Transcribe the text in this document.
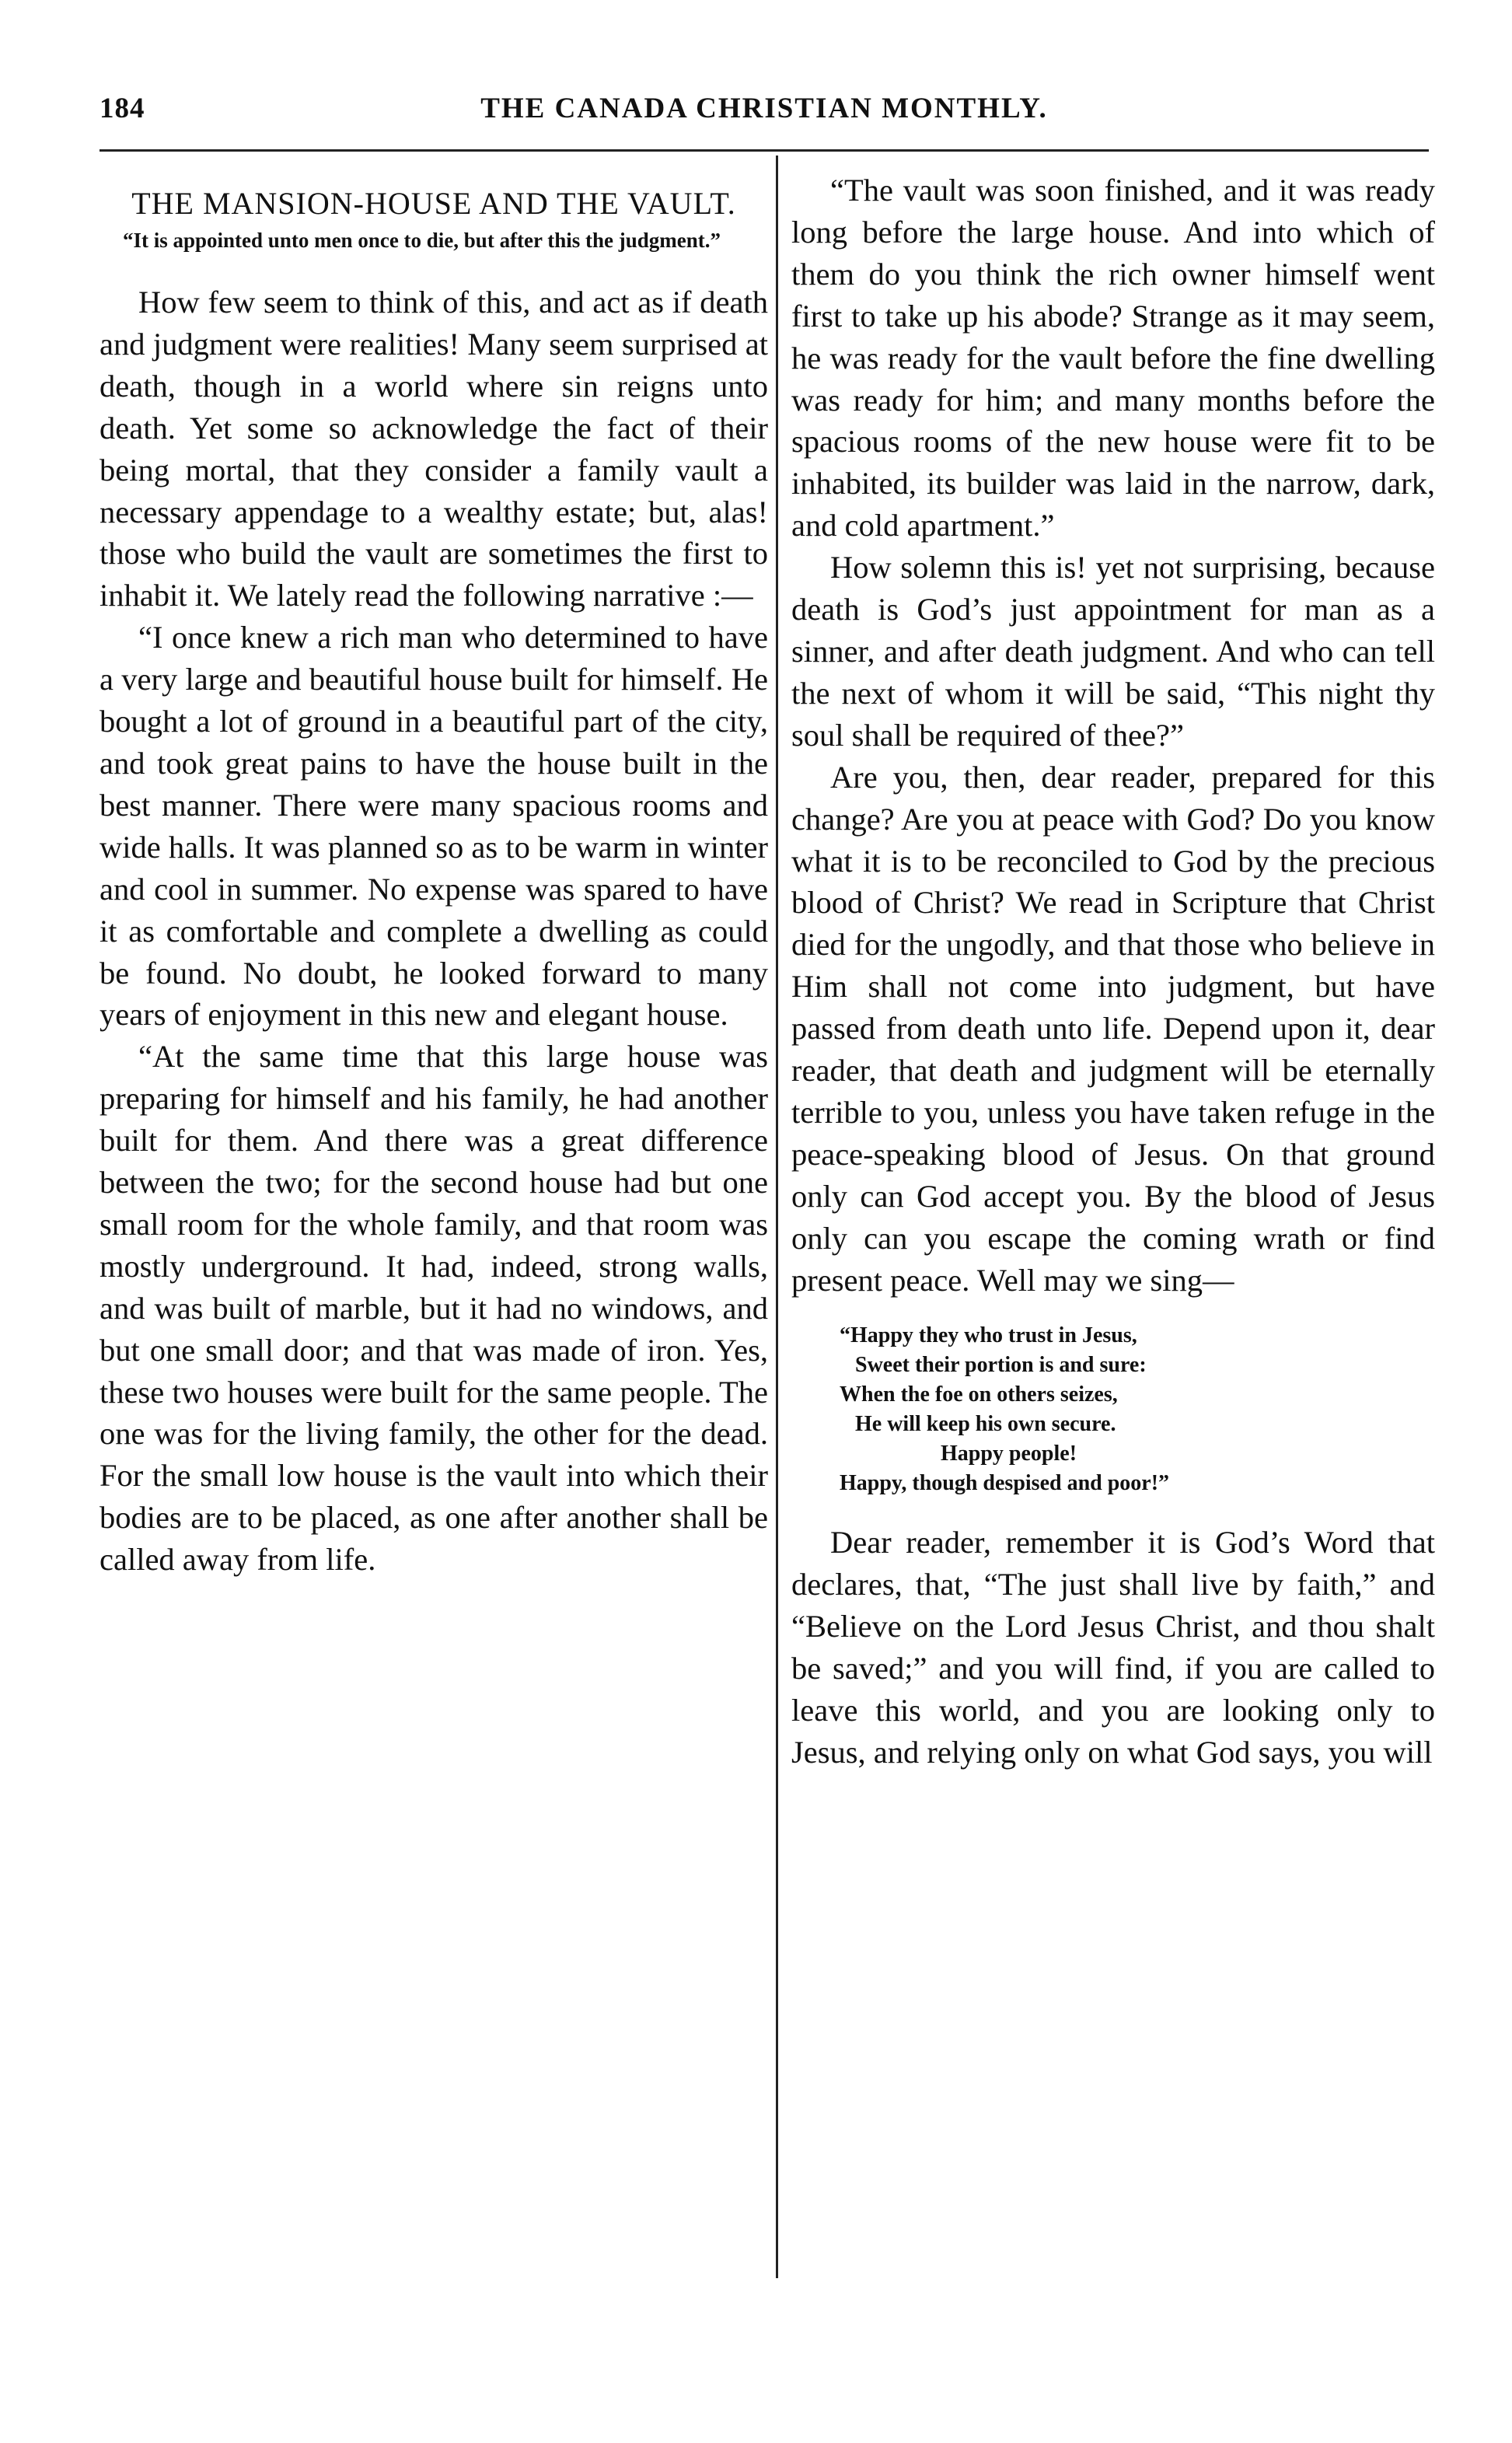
184	THE CANADA CHRISTIAN MONTHLY.
THE MANSION-HOUSE AND THE VAULT.

“It is appointed unto men once to die, but after this the judgment.”

How few seem to think of this, and act as if death and judgment were realities! Many seem surprised at death, though in a world where sin reigns unto death. Yet some so acknowledge the fact of their being mortal, that they consider a family vault a necessary appendage to a wealthy estate; but, alas! those who build the vault are sometimes the first to inhabit it. We lately read the following narrative :—

“I once knew a rich man who determined to have a very large and beautiful house built for himself. He bought a lot of ground in a beautiful part of the city, and took great pains to have the house built in the best manner. There were many spacious rooms and wide halls. It was planned so as to be warm in winter and cool in summer. No expense was spared to have it as comfortable and complete a dwelling as could be found. No doubt, he looked forward to many years of enjoyment in this new and elegant house.

“At the same time that this large house was preparing for himself and his family, he had another built for them. And there was a great difference between the two; for the second house had but one small room for the whole family, and that room was mostly underground. It had, indeed, strong walls, and was built of marble, but it had no windows, and but one small door; and that was made of iron. Yes, these two houses were built for the same people. The one was for the living family, the other for the dead. For the small low house is the vault into which their bodies are to be placed, as one after another shall be called away from life.

“The vault was soon finished, and it was ready long before the large house. And into which of them do you think the rich owner himself went first to take up his abode? Strange as it may seem, he was ready for the vault before the fine dwelling was ready for him; and many months before the spacious rooms of the new house were fit to be inhabited, its builder was laid in the narrow, dark, and cold apartment.”

How solemn this is! yet not surprising, because death is God’s just appointment for man as a sinner, and after death judgment. And who can tell the next of whom it will be said, “This night thy soul shall be required of thee?”

Are you, then, dear reader, prepared for this change? Are you at peace with God? Do you know what it is to be reconciled to God by the precious blood of Christ? We read in Scripture that Christ died for the ungodly, and that those who believe in Him shall not come into judgment, but have passed from death unto life. Depend upon it, dear reader, that death and judgment will be eternally terrible to you, unless you have taken refuge in the peace-speaking blood of Jesus. On that ground only can God accept you. By the blood of Jesus only can you escape the coming wrath or find present peace. Well may we sing—

“Happy they who trust in Jesus,
Sweet their portion is and sure:
When the foe on others seizes,
He will keep his own secure.
Happy people!
Happy, though despised and poor!”

Dear reader, remember it is God’s Word that declares, that, “The just shall live by faith,” and “Believe on the Lord Jesus Christ, and thou shalt be saved;” and you will find, if you are called to leave this world, and you are looking only to Jesus, and relying only on what God says, you will
